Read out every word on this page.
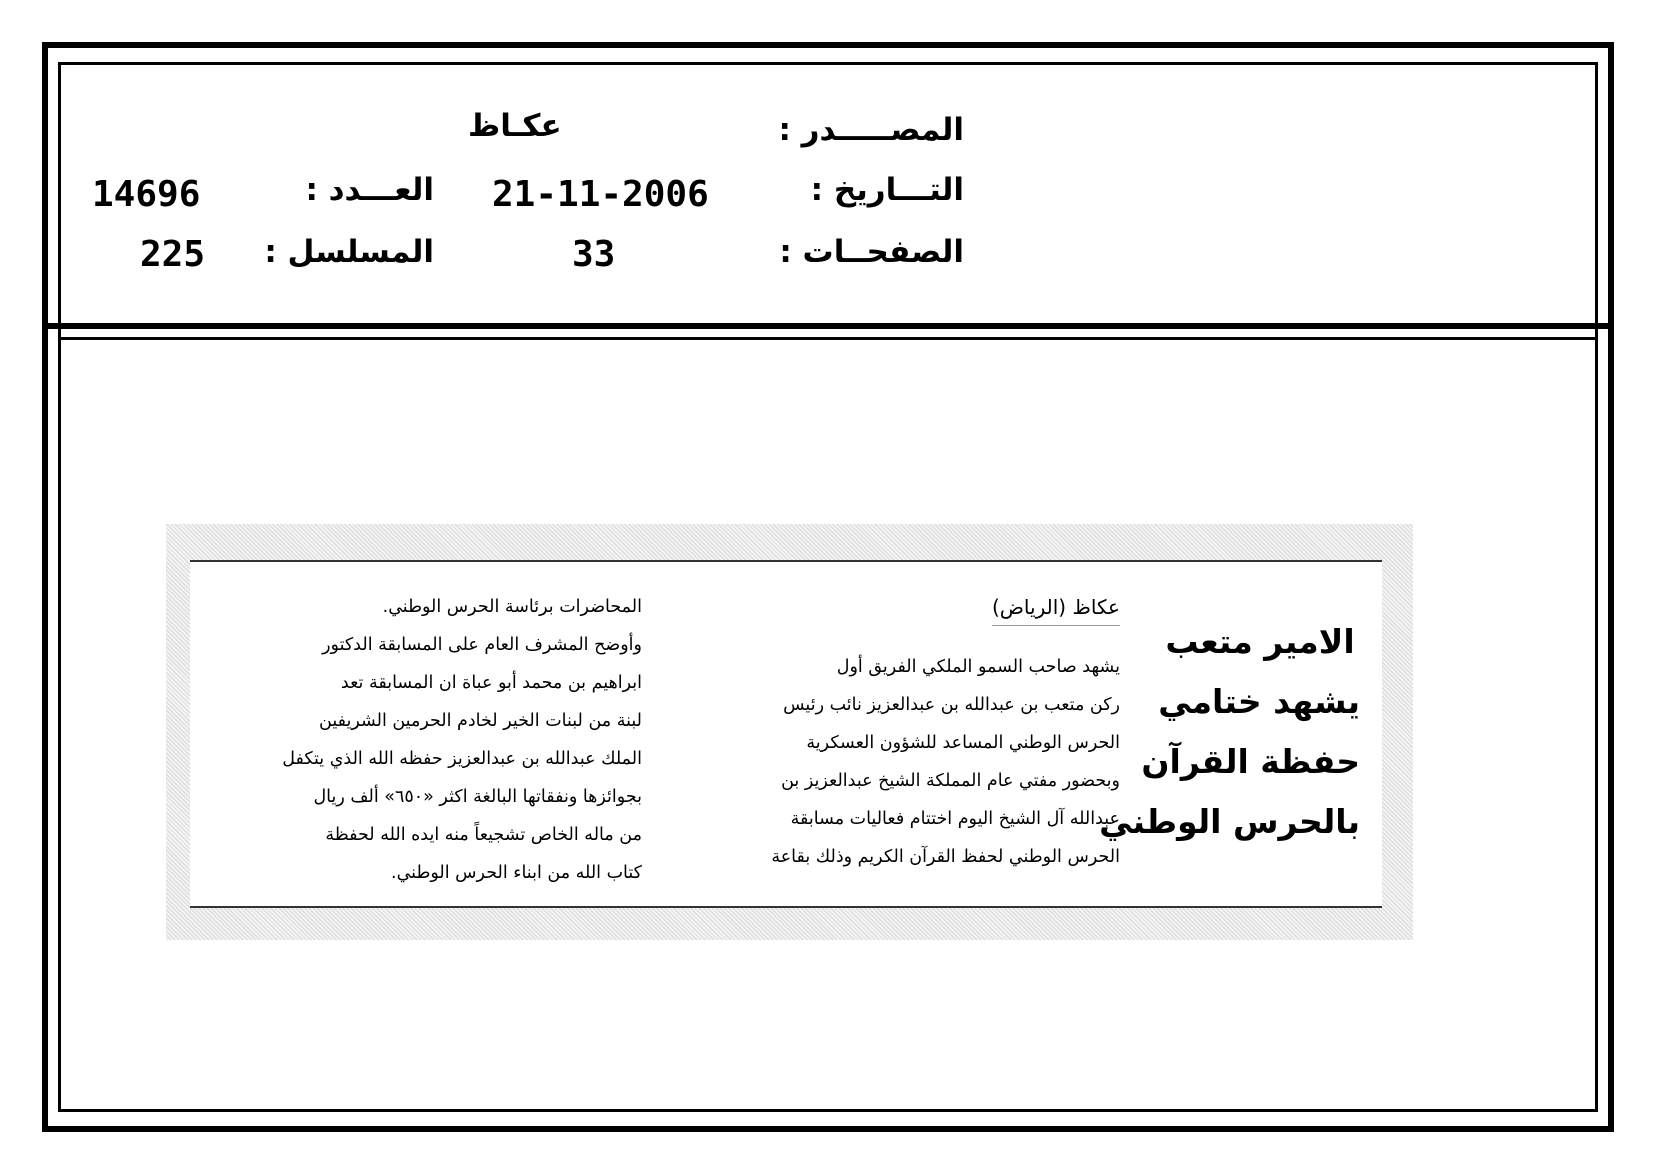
المصـــــدر :
عكـاظ
التـــاريخ :
21-11-2006
العـــدد :
14696
الصفحــات :
33
المسلسل :
225
الامير متعب
يشهد ختامي
حفظة القرآن
بالحرس الوطني
عكاظ (الرياض)

يشهد صاحب السمو الملكي الفريق أول

ركن متعب بن عبدالله بن عبدالعزيز نائب رئيس

الحرس الوطني المساعد للشؤون العسكرية

وبحضور مفتي عام المملكة الشيخ عبدالعزيز بن

عبدالله آل الشيخ اليوم اختتام فعاليات مسابقة

الحرس الوطني لحفظ القرآن الكريم وذلك بقاعة

المحاضرات برئاسة الحرس الوطني.

وأوضح المشرف العام على المسابقة الدكتور

ابراهيم بن محمد أبو عباة ان المسابقة تعد

لبنة من لبنات الخير لخادم الحرمين الشريفين

الملك عبدالله بن عبدالعزيز حفظه الله الذي يتكفل

بجوائزها ونفقاتها البالغة اكثر «٦٥٠» ألف ريال

من ماله الخاص تشجيعاً منه ايده الله لحفظة

كتاب الله من ابناء الحرس الوطني.
